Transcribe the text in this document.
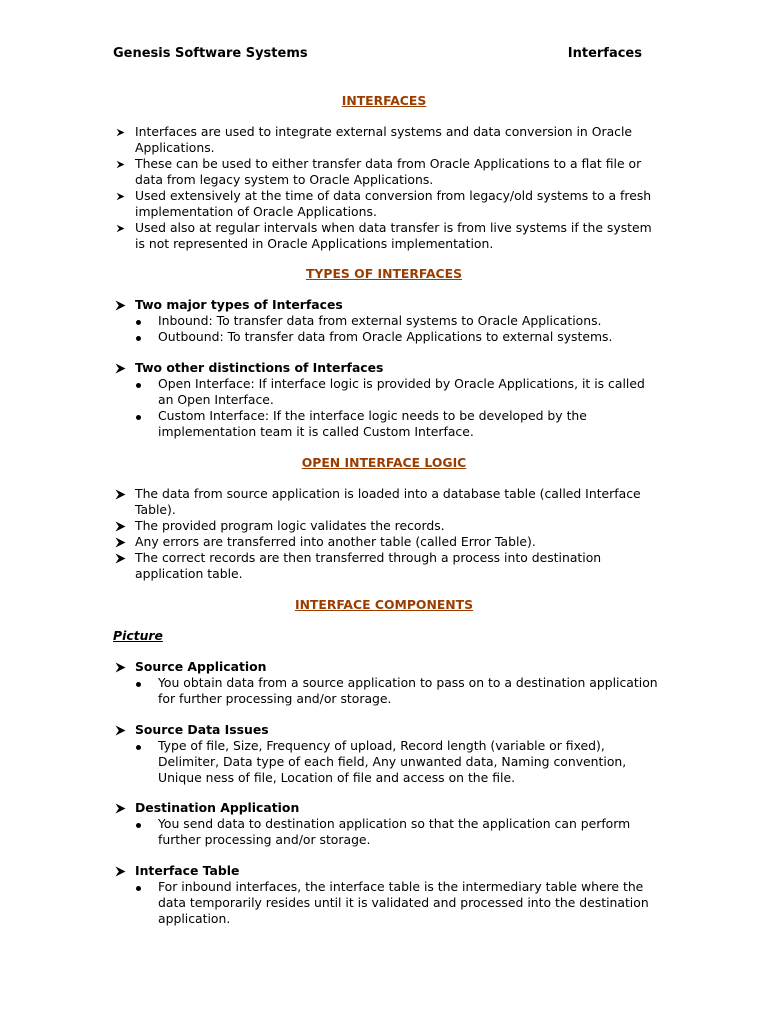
Genesis Software Systems	Interfaces
INTERFACES
Interfaces are used to integrate external systems and data conversion in Oracle Applications.
These can be used to either transfer data from Oracle Applications to a flat file or data from legacy system to Oracle Applications.
Used extensively at the time of data conversion from legacy/old systems to a fresh implementation of Oracle Applications.
Used also at regular intervals when data transfer is from live systems if the system is not represented in Oracle Applications implementation.
TYPES OF INTERFACES
Two major types of Interfaces
Inbound: To transfer data from external systems to Oracle Applications.
Outbound: To transfer data from Oracle Applications to external systems.
Two other distinctions of Interfaces
Open Interface: If interface logic is provided by Oracle Applications, it is called an Open Interface.
Custom Interface: If the interface logic needs to be developed by the implementation team it is called Custom Interface.
OPEN INTERFACE LOGIC
The data from source application is loaded into a database table (called Interface Table).
The provided program logic validates the records.
Any errors are transferred into another table (called Error Table).
The correct records are then transferred through a process into destination application table.
INTERFACE COMPONENTS
Picture
Source Application
You obtain data from a source application to pass on to a destination application for further processing and/or storage.
Source Data Issues
Type of file, Size, Frequency of upload, Record length (variable or fixed), Delimiter, Data type of each field, Any unwanted data, Naming convention, Unique ness of file, Location of file and access on the file.
Destination Application
You send data to destination application so that the application can perform further processing and/or storage.
Interface Table
For inbound interfaces, the interface table is the intermediary table where the data temporarily resides until it is validated and processed into the destination application.
